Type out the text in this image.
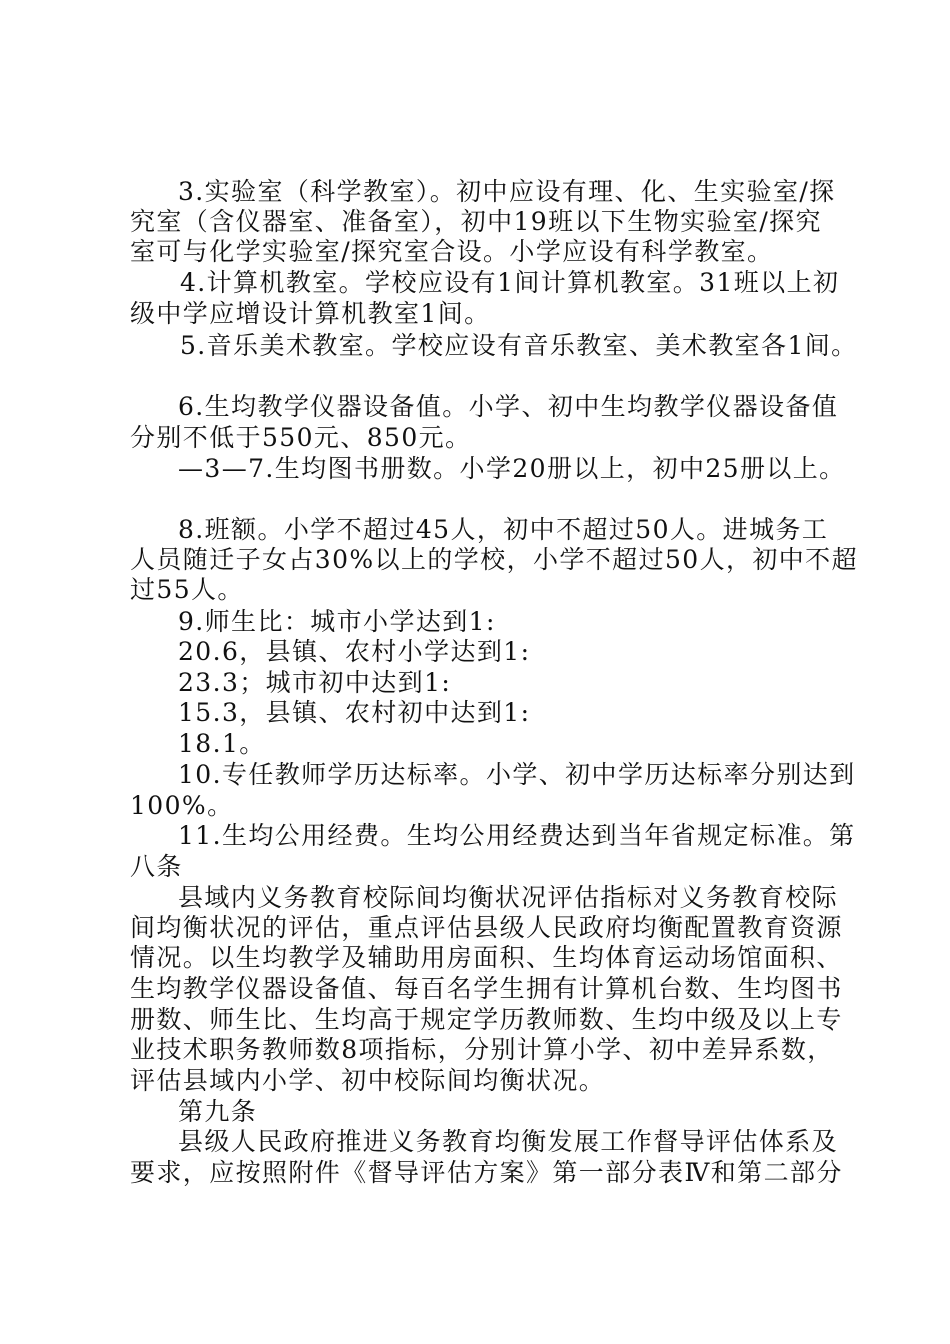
3.实验室（科学教室）。初中应设有理、化、生实验室/探
究室（含仪器室、准备室），初中19班以下生物实验室/探究
室可与化学实验室/探究室合设。小学应设有科学教室。
4.计算机教室。学校应设有1间计算机教室。31班以上初
级中学应增设计算机教室1间。
5.音乐美术教室。学校应设有音乐教室、美术教室各1间。
6.生均教学仪器设备值。小学、初中生均教学仪器设备值
分别不低于550元、850元。
—3—7.生均图书册数。小学20册以上，初中25册以上。
8.班额。小学不超过45人，初中不超过50人。进城务工
人员随迁子女占30%以上的学校，小学不超过50人，初中不超
过55人。
9.师生比：城市小学达到1:
20.6，县镇、农村小学达到1:
23.3；城市初中达到1:
15.3，县镇、农村初中达到1:
18.1。
10.专任教师学历达标率。小学、初中学历达标率分别达到
100%。
11.生均公用经费。生均公用经费达到当年省规定标准。第
八条
县域内义务教育校际间均衡状况评估指标对义务教育校际
间均衡状况的评估，重点评估县级人民政府均衡配置教育资源
情况。以生均教学及辅助用房面积、生均体育运动场馆面积、
生均教学仪器设备值、每百名学生拥有计算机台数、生均图书
册数、师生比、生均高于规定学历教师数、生均中级及以上专
业技术职务教师数8项指标，分别计算小学、初中差异系数，
评估县域内小学、初中校际间均衡状况。
第九条
县级人民政府推进义务教育均衡发展工作督导评估体系及
要求，应按照附件《督导评估方案》第一部分表Ⅳ和第二部分
